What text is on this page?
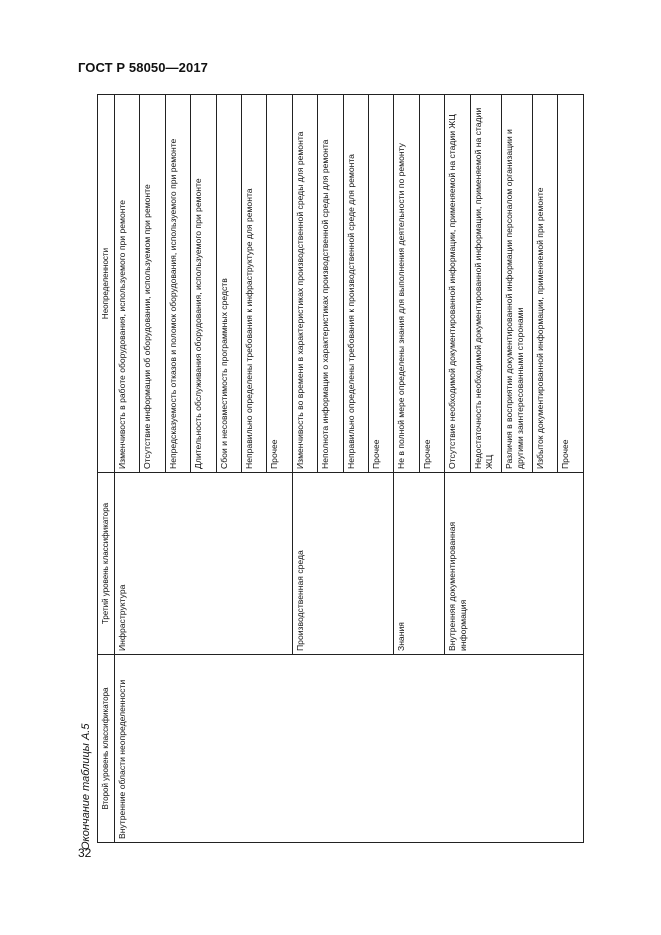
ГОСТ Р 58050—2017
32
Окончание таблицы А.5 Второй уровень классификатора	Третий уровень классификатора	Неопределенности
Внутренние области неопределенности	Инфраструктура	Изменчивость в работе оборудования, используемого при ремонте
		Отсутствие информации об оборудовании, используемом при ремонте
		Непредсказуемость отказов и поломок оборудования, используемого при ремонте
		Длительность обслуживания оборудования, используемого при ремонте
		Сбои и несовместимость программных средств
		Неправильно определены требования к инфраструктуре для ремонта
		Прочее
	Производственная среда	Изменчивость во времени в характеристиках производственной среды для ремонта
		Неполнота информации о характеристиках производственной среды для ремонта
		Неправильно определены требования к производственной среде для ремонта
		Прочее
	Знания	Не в полной мере определены знания для выполнения деятельности по ремонту
		Прочее
	Внутренняя документированная информация	Отсутствие необходимой документированной информации, применяемой на стадии ЖЦ
		Недостаточность необходимой документированной информации, применяемой на стадии ЖЦ
		Различия в восприятии документированной информации персоналом организации и другими заинтересованными сторонами
		Избыток документированной информации, применяемой при ремонте
		Прочее
